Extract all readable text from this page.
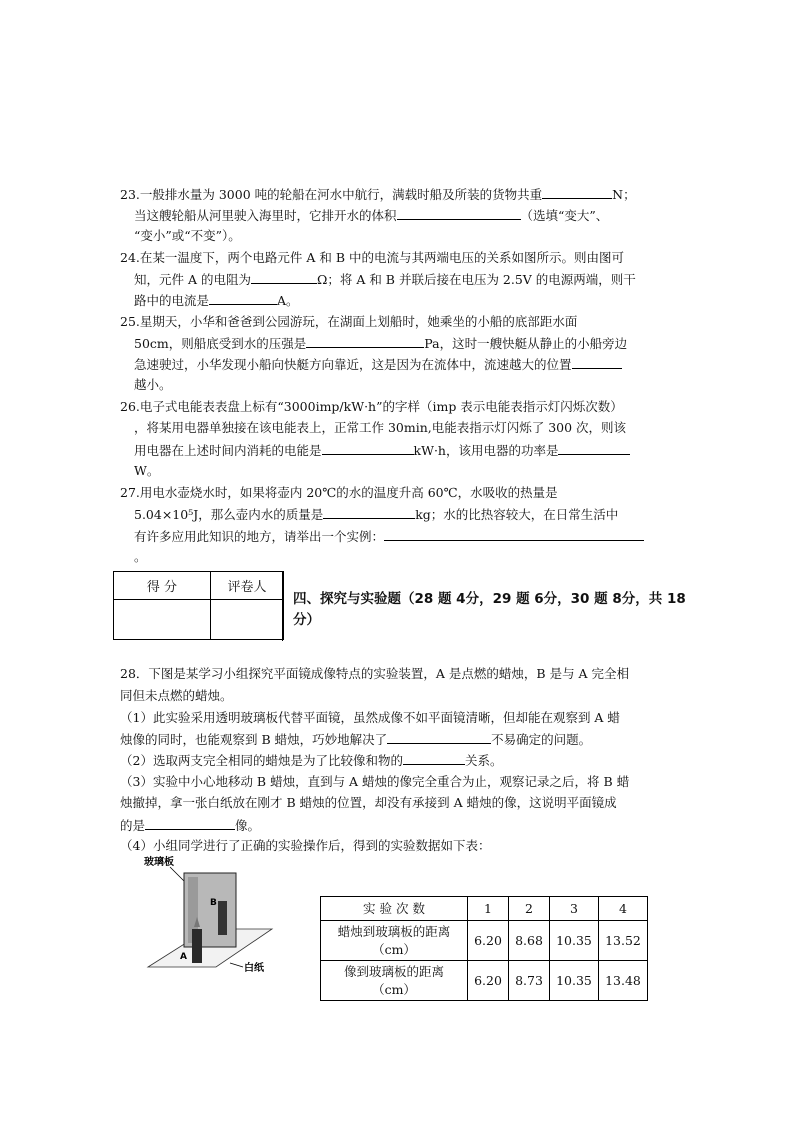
23.一般排水量为 3000 吨的轮船在河水中航行，满载时船及所装的货物共重	N；
当这艘轮船从河里驶入海里时，它排开水的体积	（选填“变大”、
“变小”或“不变”）。
24.在某一温度下，两个电路元件 A 和 B 中的电流与其两端电压的关系如图所示。则由图可
知，元件 A 的电阻为	Ω；将 A 和 B 并联后接在电压为 2.5V 的电源两端，则干
路中的电流是	A。
25.星期天，小华和爸爸到公园游玩，在湖面上划船时，她乘坐的小船的底部距水面
50cm，则船底受到水的压强是	Pa，这时一艘快艇从静止的小船旁边
急速驶过，小华发现小船向快艇方向靠近，这是因为在流体中，流速越大的位置
越小。
26.电子式电能表表盘上标有“3000imp/kW·h”的字样（imp 表示电能表指示灯闪烁次数）
，将某用电器单独接在该电能表上，正常工作 30min,电能表指示灯闪烁了 300 次，则该
用电器在上述时间内消耗的电能是	kW·h，该用电器的功率是
W。
27.用电水壶烧水时，如果将壶内 20℃的水的温度升高 60℃，水吸收的热量是
5.04×10⁵J，那么壶内水的质量是	kg；水的比热容较大，在日常生活中
有许多应用此知识的地方，请举出一个实例：
。
得 分	评卷人

四、探究与实验题（28 题 4分，29 题 6分，30 题 8分，共 18
分）
28．下图是某学习小组探究平面镜成像特点的实验装置，A 是点燃的蜡烛，B 是与 A 完全相
同但未点燃的蜡烛。
（1）此实验采用透明玻璃板代替平面镜，虽然成像不如平面镜清晰，但却能在观察到 A 蜡
烛像的同时，也能观察到 B 蜡烛，巧妙地解决了	不易确定的问题。
（2）选取两支完全相同的蜡烛是为了比较像和物的	关系。
（3）实验中小心地移动 B 蜡烛，直到与 A 蜡烛的像完全重合为止，观察记录之后，将 B 蜡
烛撤掉，拿一张白纸放在刚才 B 蜡烛的位置，却没有承接到 A 蜡烛的像，这说明平面镜成
的是	像。
（4）小组同学进行了正确的实验操作后，得到的实验数据如下表：
玻璃板
B
A
白纸
实 验 次 数	1	2	3	4

蜡烛到玻璃板的距离
（cm）	6.20	8.68	10.35	13.52

像到玻璃板的距离
（cm）	6.20	8.73	10.35	13.48
